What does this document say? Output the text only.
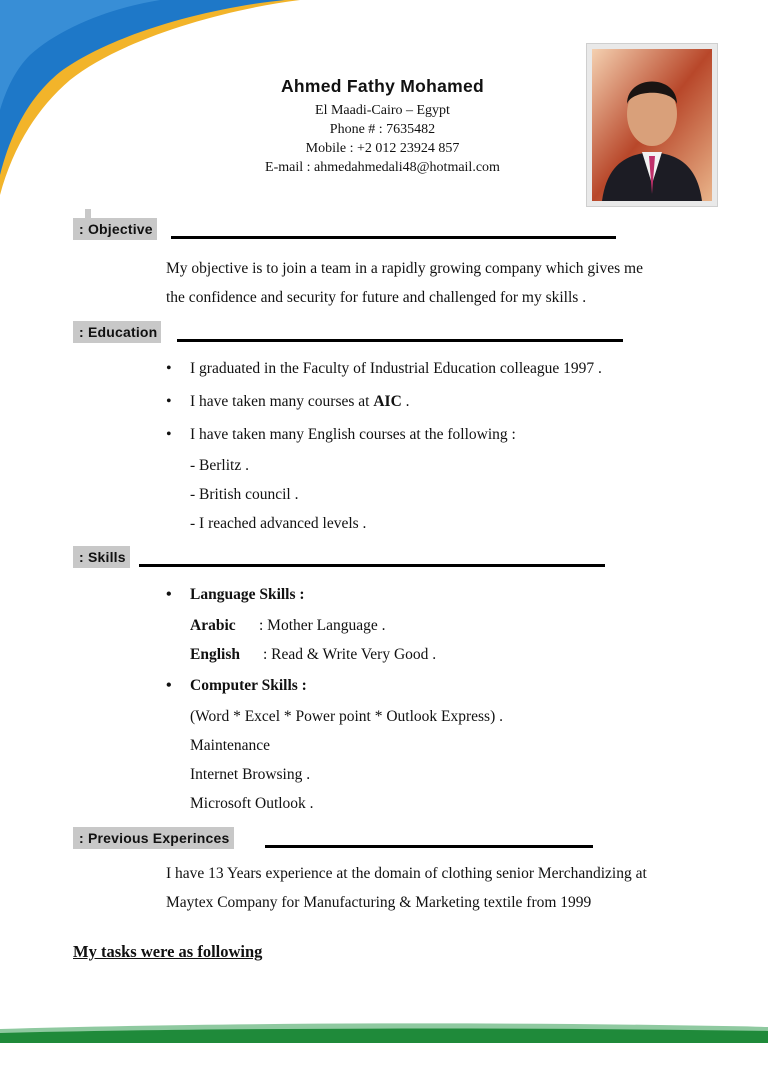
Ahmed Fathy Mohamed
El Maadi-Cairo – Egypt
Phone # : 7635482
Mobile : +2 012 23924 857
E-mail : ahmedahmedali48@hotmail.com
: Objective
My objective is to join a team in a rapidly growing company which gives me
the confidence and security for future and challenged for my skills .
: Education
• I graduated in the Faculty of Industrial Education colleague 1997 .
• I have taken many courses at AIC .
• I have taken many English courses at the following :
- Berlitz .
- British council .
- I reached advanced levels .
: Skills
• Language Skills :
Arabic : Mother Language .
English : Read & Write Very Good .
• Computer Skills :
(Word * Excel * Power point * Outlook Express) .
Maintenance
Internet Browsing .
Microsoft Outlook .
: Previous Experinces
I have 13 Years experience at the domain of clothing senior Merchandizing at
Maytex Company for Manufacturing & Marketing textile from 1999
My tasks were as following
